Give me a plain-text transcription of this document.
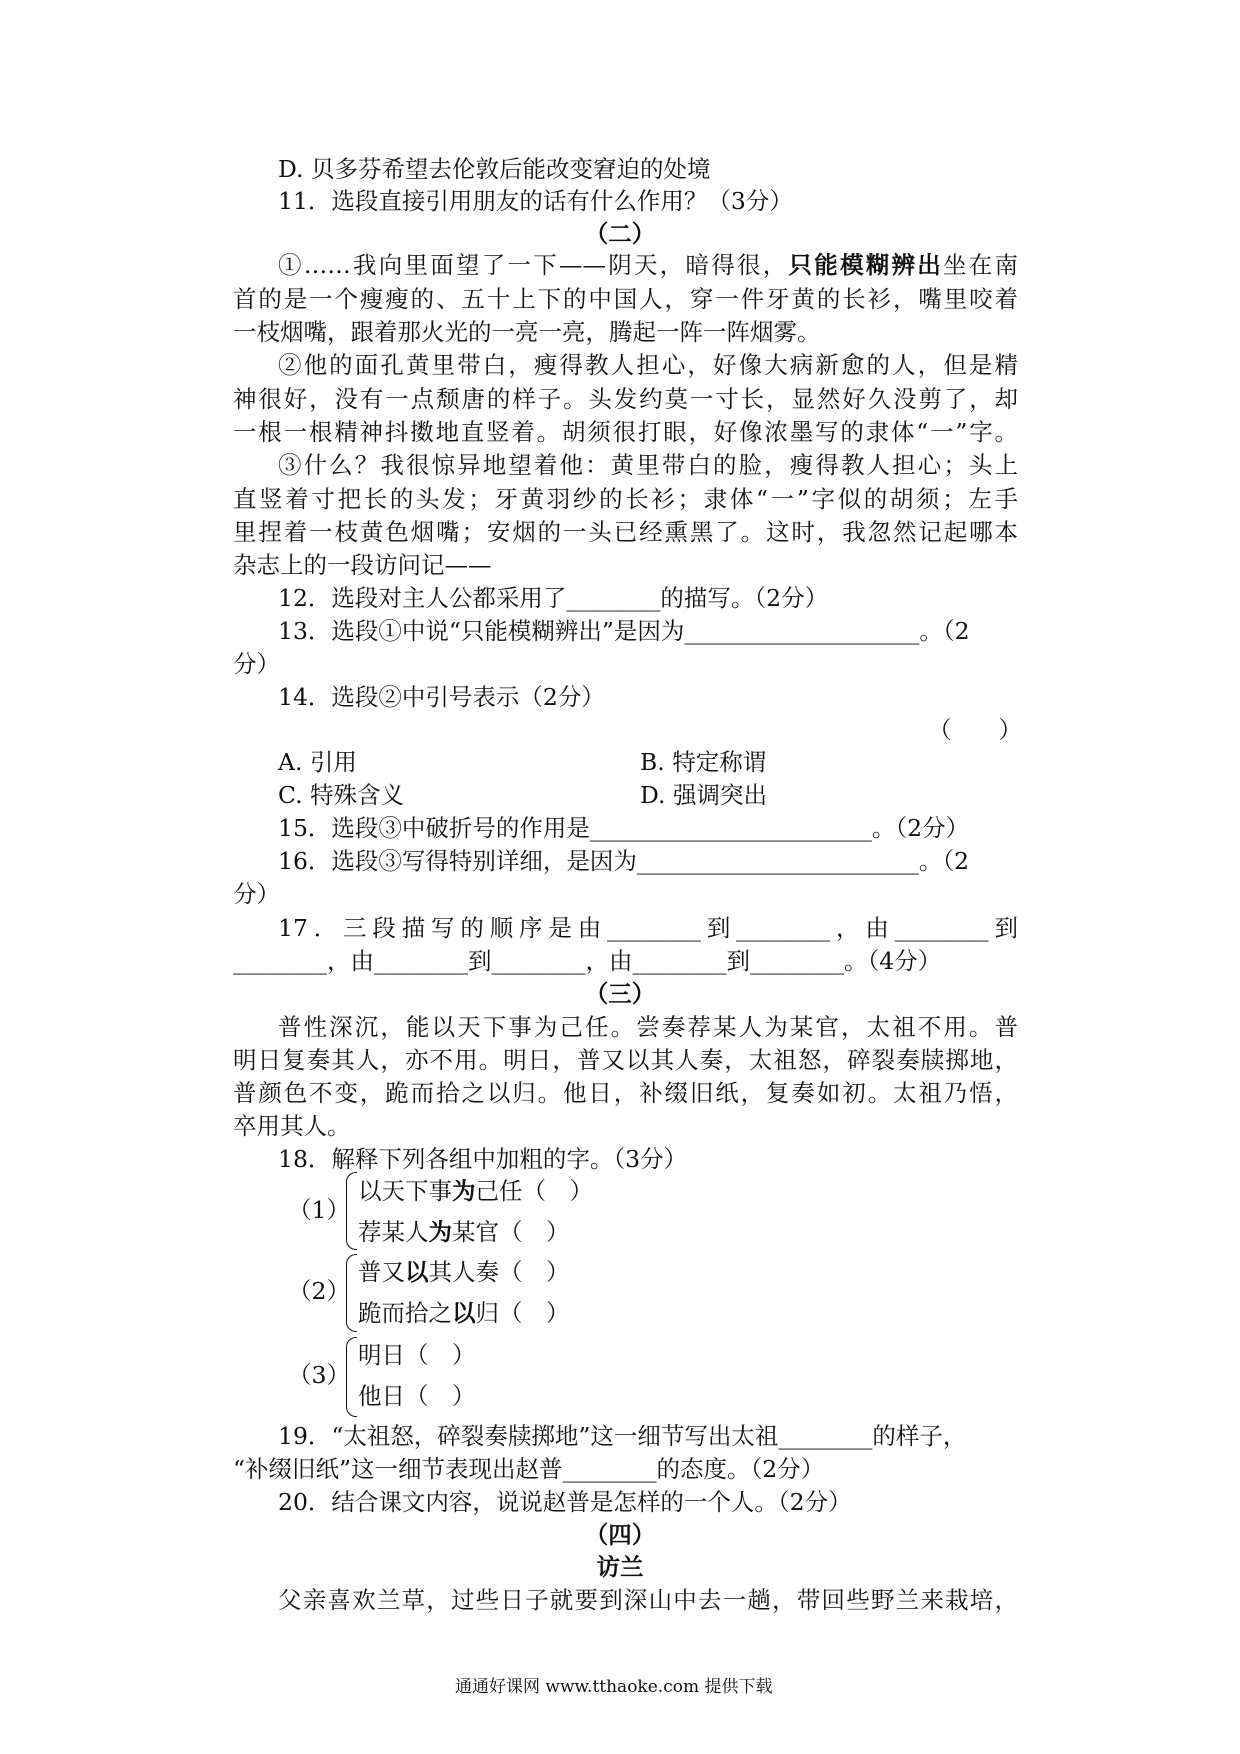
D. 贝多芬希望去伦敦后能改变窘迫的处境
11．选段直接引用朋友的话有什么作用？（3分）
（二）
①……我向里面望了一下——阴天，暗得很，只能模糊辨出坐在南
首的是一个瘦瘦的、五十上下的中国人，穿一件牙黄的长衫，嘴里咬着
一枝烟嘴，跟着那火光的一亮一亮，腾起一阵一阵烟雾。
②他的面孔黄里带白，瘦得教人担心，好像大病新愈的人，但是精
神很好，没有一点颓唐的样子。头发约莫一寸长，显然好久没剪了，却
一根一根精神抖擞地直竖着。胡须很打眼，好像浓墨写的隶体“一”字。
③什么？我很惊异地望着他：黄里带白的脸，瘦得教人担心；头上
直竖着寸把长的头发；牙黄羽纱的长衫；隶体“一”字似的胡须；左手
里捏着一枝黄色烟嘴；安烟的一头已经熏黑了。这时，我忽然记起哪本
杂志上的一段访问记——
12．选段对主人公都采用了________的描写。（2分）
13．选段①中说“只能模糊辨出”是因为____________________。（2
分）
14．选段②中引号表示（2分）
（　　）
A. 引用	B. 特定称谓
C. 特殊含义	D. 强调突出
15．选段③中破折号的作用是________________________。（2分）
16．选段③写得特别详细，是因为________________________。（2
分）
17．三段描写的顺序是由________到________，由________到
________，由________到________，由________到________。（4分）
（三）
普性深沉，能以天下事为己任。尝奏荐某人为某官，太祖不用。普
明日复奏其人，亦不用。明日，普又以其人奏，太祖怒，碎裂奏牍掷地，
普颜色不变，跪而拾之以归。他日，补缀旧纸，复奏如初。太祖乃悟，
卒用其人。
18．解释下列各组中加粗的字。（3分）
（1）
以天下事为己任（　）
荐某人为某官（　）
（2）
普又以其人奏（　）
跪而拾之以归（　）
（3）
明日（　）
他日（　）
19．“太祖怒，碎裂奏牍掷地”这一细节写出太祖________的样子，
“补缀旧纸”这一细节表现出赵普________的态度。（2分）
20．结合课文内容，说说赵普是怎样的一个人。（2分）
（四）
访兰
父亲喜欢兰草，过些日子就要到深山中去一趟，带回些野兰来栽培，
通通好课网 www.tthaoke.com 提供下载
